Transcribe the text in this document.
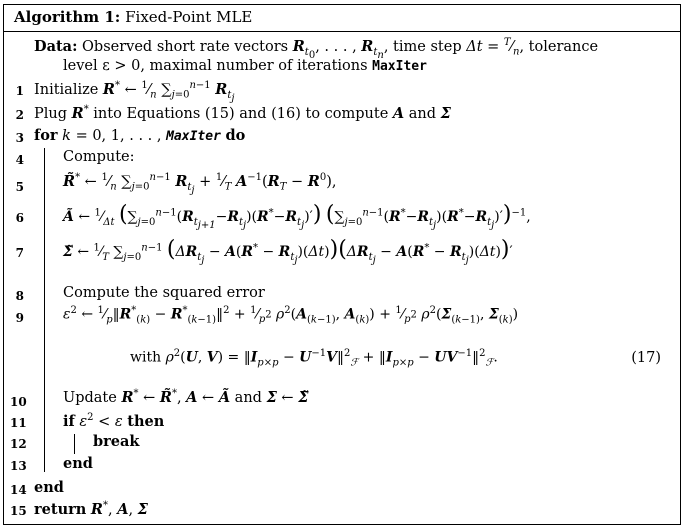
Algorithm 1: Fixed-Point MLE
Data: Observed short rate vectors $R_{t_0}$, . . . , $R_{t_n}$, time step $\Delta t = ^T⁄_n$, tolerance
level ε > 0, maximal number of iterations MaxIter
1 Initialize R* ← $^1⁄_n$ $\sum_{j=0}^{n-1}$ $R_{t_j}$
2 Plug R* into Equations (15) and (16) to compute A and Σ
3 for k = 0, 1, . . . , MaxIter do
4	Compute:
5	R̃* ← $^1⁄_n$ $\sum_{j=0}^{n-1}$ $R_{t_j}$ + $^1⁄_T$ $A^{-1}(R_T - R^0)$,
6	Ã ← $^1⁄_{\Delta t}$ $(\sum_{j=0}^{n-1}(R_{t_{j+1}}-R_{t_j})(R^*-R_{t_j})')$ $(\sum_{j=0}^{n-1}(R^*-R_{t_j})(R^*-R_{t_j})')^{-1}$,
7	Σ̃ ← $^1⁄_T$ $\sum_{j=0}^{n-1}$ $(\Delta R_{t_j} - A(R^* - R_{t_j})(\Delta t))(\Delta R_{t_j} - A(R^* - R_{t_j})(\Delta t))'$
8	Compute the squared error
9	$\varepsilon^2$ ← $^1⁄_p‖R^*_{(k)}$ − $R^*_{(k-1)}‖^2$ + $^1⁄_{p^2}$ $\rho^2(A_{(k-1)}$, $A_{(k)}$) + $^1⁄_{p^2}$ $\rho^2(\Sigma_{(k-1)}$, $\Sigma_{(k)}$)
with $\rho^2(U$, $V) = ‖I_{p\times p}$ − $U^{-1}V‖^2_ℱ$ + $‖I_{p\times p}$ − $UV^{-1}‖^2_ℱ$.	(17)
10	Update R* ← R̃*, A ← Ã and Σ ← Σ̃
11	if $\varepsilon^2 < \varepsilon$ then
12	break
13	end
14 end
15 return R*, A, Σ
